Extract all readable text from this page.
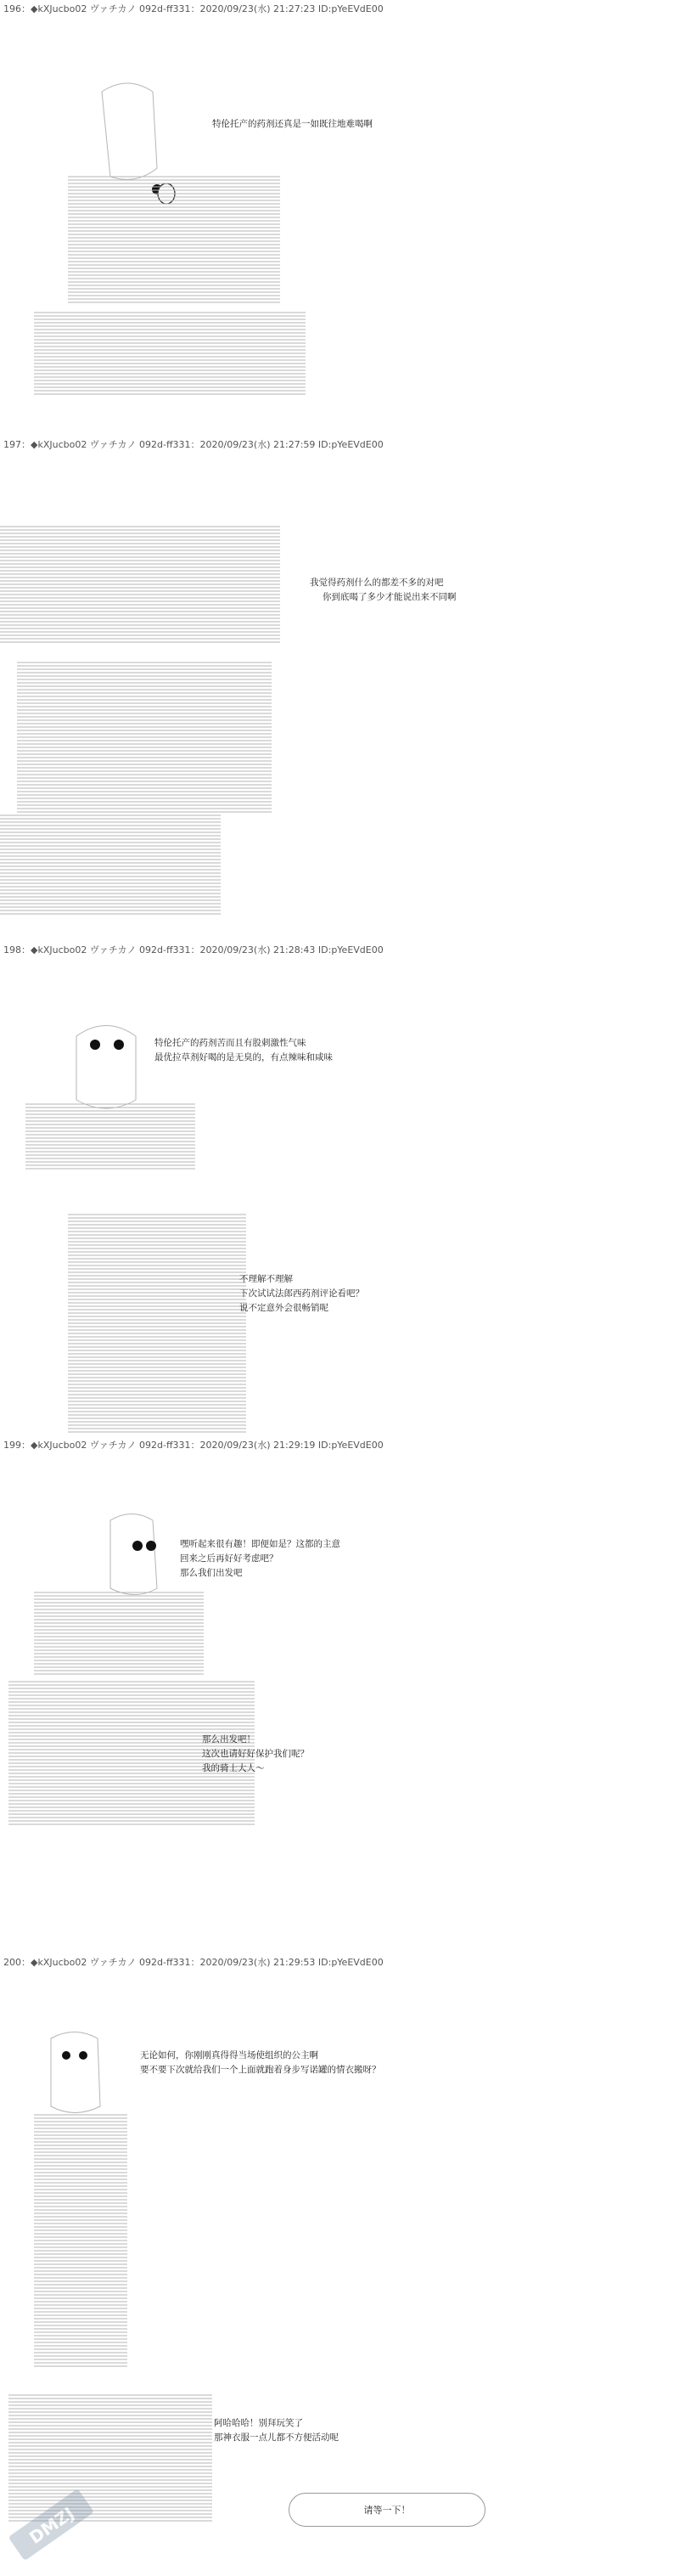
196：◆kXJucbo02 ヴァチカノ 092d-ff331：2020/09/23(水) 21:27:23 ID:pYeEVdE00
特伦托产的药剂还真是一如既往地难喝啊
197：◆kXJucbo02 ヴァチカノ 092d-ff331：2020/09/23(水) 21:27:59 ID:pYeEVdE00
我觉得药剂什么的都差不多的对吧
你到底喝了多少才能说出来不同啊
198：◆kXJucbo02 ヴァチカノ 092d-ff331：2020/09/23(水) 21:28:43 ID:pYeEVdE00
特伦托产的药剂苦而且有股刺激性气味
最优拉草剂好喝的是无臭的，有点辣味和咸味
不理解不理解
下次试试法郎西药剂评论看吧？
说不定意外会很畅销呢
199：◆kXJucbo02 ヴァチカノ 092d-ff331：2020/09/23(水) 21:29:19 ID:pYeEVdE00
嘿听起来很有趣！即便如是？这都的主意
回来之后再好好考虑吧？
那么我们出发吧
那么出发吧！
这次也请好好保护我们呢？
我的骑士大人～
200：◆kXJucbo02 ヴァチカノ 092d-ff331：2020/09/23(水) 21:29:53 ID:pYeEVdE00
无论如何，你刚刚真得得当场使组织的公主啊
要不要下次就给我们一个上面就跑着身步写诺罐的情衣搬呀？
阿哈哈哈！别拜玩笑了
那神衣服一点儿都不方便活动呢
请等一下！
DMZJ
